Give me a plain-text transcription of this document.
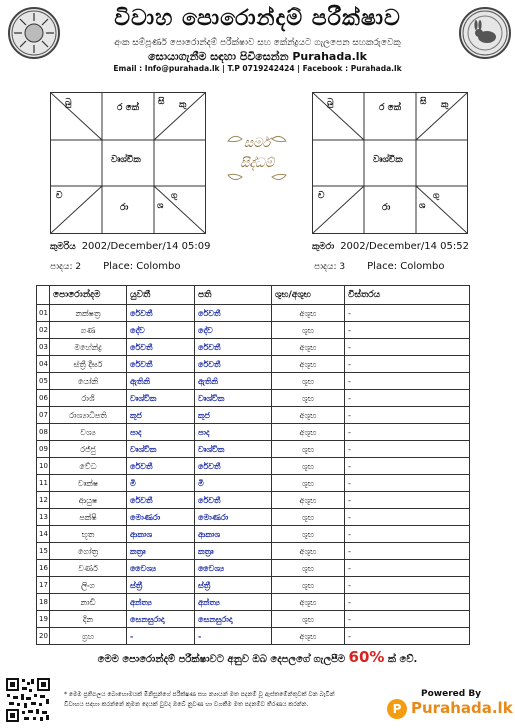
විවාහ පොරොන්දම් පරීක්ෂාව
අංක සම්පූර්ණ පොරොන්දම් පරීක්ෂාව සහ කේන්ද්‍රයට ගැලපෙන සහකරුවෙකු
සොයාගැනීම සඳහා පිවිසෙන්න Purahada.lk
Email : Info@purahada.lk | T.P 0719242424 | Facebook : Purahada.lk
බු	ර කේ
සි කු
වෘශ්චික
ච
රා	ශ
ගු
සර්ම
සිද්ධම්
බු	ර කේ
සි කු
වෘශ්චික
ච
රා	ශ
ගු
කුමරිය 2002/December/14 05:09
පාදය: 2 Place: Colombo
කුමරා 2002/December/14 05:52
පාදය: 3 Place: Colombo
	පොරොන්දම	යුවතී	පති	ශුභ/අශුභ	විස්තරය
01	නක්ෂත්‍ර	රේවතී	රේවතී	අශුභ	-
02	ගණ	දේව	දේව	ශුභ	-
03	මහේන්ද්‍ර	රේවතී	රේවතී	අශුභ	-
04	ස්ත්‍රී දීර්ඝ	රේවතී	රේවතී	අශුභ	-
05	යෝනි	ඇතිනි	ඇතිනි	ශුභ	-
06	රාශි	වෘශ්චික	වෘශ්චික	ශුභ	-
07	රාශ්‍යාධිපති	කුජ	කුජ	අශුභ	-
08	වශ්‍ය	පාද	පාද	අශුභ	-
09	රජ්ජු	වෘශ්චික	වෘශ්චික	ශුභ	-
10	වේධ	රේවතී	රේවතී	ශුභ	-
11	වෘක්ෂ	මී	මී	ශුභ	-
12	ආයුෂ	රේවතී	රේවතී	අශුභ	-
13	පක්ෂි	මොණරා	මොණරා	ශුභ	-
14	භූත	ආකාශ	ආකාශ	ශුභ	-
15	ගෝත්‍ර	කත්‍රෘ	කත්‍රෘ	අශුභ	-
16	වර්ණ	වෛශ්‍ය	වෛශ්‍ය	ශුභ	-
17	ලිංග	ස්ත්‍රී	ස්ත්‍රී	ශුභ	-
18	නාඩි	අන්ත්‍ය	අන්ත්‍ය	අශුභ	-
19	දින	සෙනසුරාදා	සෙනසුරාදා	ශුභ	-
20	ග්‍රහ	-	-	අශුභ	-
මෙම පොරොන්දම් පරීක්ෂාවට අනුව ඔබ දෙපලගේ ගැලපීම 60% ක් වේ.
* මෙම ප්‍රතිඵලය බොහොමයක් මිනිසුන්ගේ පරීක්ෂණ සහ න්‍යායන් මත පදනම් වූ ඇස්තමේන්තුවක් වන බැවින්
විවාහය සඳහා කරන්නේ කුමන දෙයක් වුවද ඔබේ නුවණ හා වගකීම මත පදනම්ව තීරණය කරන්න.
Powered By
P Purahada.lk
